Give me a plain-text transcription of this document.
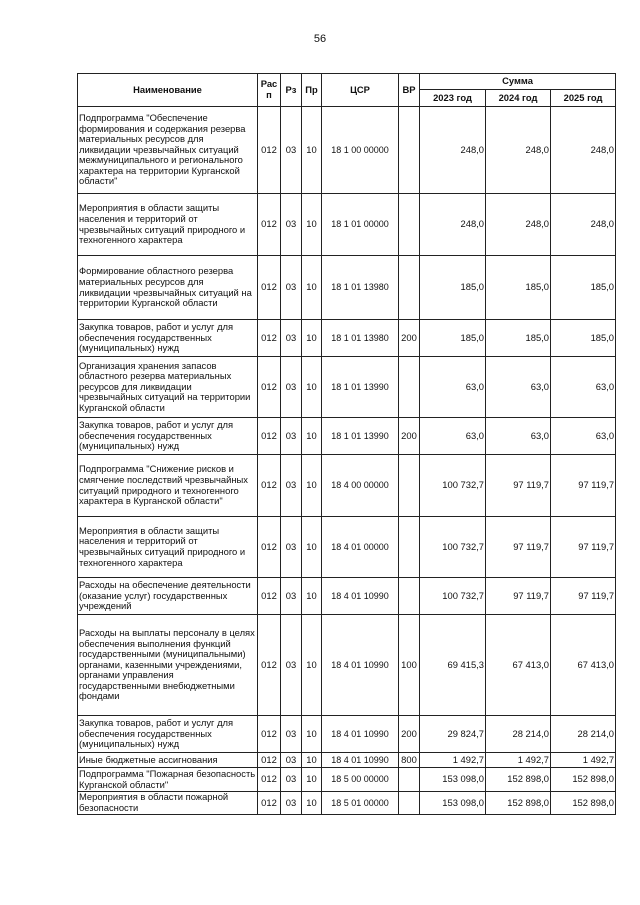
56
Наименование	Рас п	Рз	Пр	ЦСР	ВР	Сумма		
						2023 год	2024 год	2025 год
Подпрограмма "Обеспечение формирования и содержания резерва материальных ресурсов для ликвидации чрезвычайных ситуаций межмуниципального и регионального характера на территории Курганской области"	012	03	10	18 1 00 00000		248,0	248,0	248,0
Мероприятия в области защиты населения и территорий от чрезвычайных ситуаций природного и техногенного характера	012	03	10	18 1 01 00000		248,0	248,0	248,0
Формирование областного резерва материальных ресурсов для ликвидации чрезвычайных ситуаций на территории Курганской области	012	03	10	18 1 01 13980		185,0	185,0	185,0
Закупка товаров, работ и услуг для обеспечения государственных (муниципальных) нужд	012	03	10	18 1 01 13980	200	185,0	185,0	185,0
Организация хранения запасов областного резерва материальных ресурсов для ликвидации чрезвычайных ситуаций на территории Курганской области	012	03	10	18 1 01 13990		63,0	63,0	63,0
Закупка товаров, работ и услуг для обеспечения государственных (муниципальных) нужд	012	03	10	18 1 01 13990	200	63,0	63,0	63,0
Подпрограмма "Снижение рисков и смягчение последствий чрезвычайных ситуаций природного и техногенного характера в Курганской области"	012	03	10	18 4 00 00000		100 732,7	97 119,7	97 119,7
Мероприятия в области защиты населения и территорий от чрезвычайных ситуаций природного и техногенного характера	012	03	10	18 4 01 00000		100 732,7	97 119,7	97 119,7
Расходы на обеспечение деятельности (оказание услуг) государственных учреждений	012	03	10	18 4 01 10990		100 732,7	97 119,7	97 119,7
Расходы на выплаты персоналу в целях обеспечения выполнения функций государственными (муниципальными) органами, казенными учреждениями, органами управления государственными внебюджетными фондами	012	03	10	18 4 01 10990	100	69 415,3	67 413,0	67 413,0
Закупка товаров, работ и услуг для обеспечения государственных (муниципальных) нужд	012	03	10	18 4 01 10990	200	29 824,7	28 214,0	28 214,0
Иные бюджетные ассигнования	012	03	10	18 4 01 10990	800	1 492,7	1 492,7	1 492,7
Подпрограмма "Пожарная безопасность Курганской области"	012	03	10	18 5 00 00000		153 098,0	152 898,0	152 898,0
Мероприятия в области пожарной безопасности	012	03	10	18 5 01 00000		153 098,0	152 898,0	152 898,0
